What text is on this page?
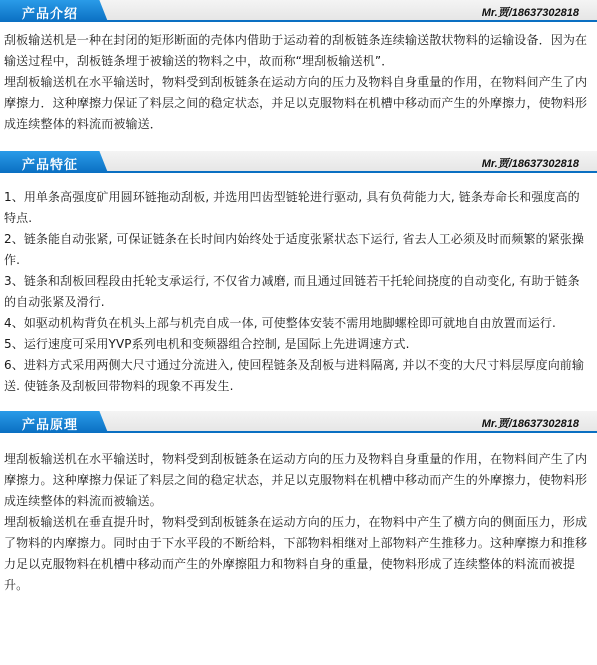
产品介绍	Mr.贾/18637302818

刮板输送机是一种在封闭的矩形断面的壳体内借助于运动着的刮板链条连续输送散状物料的运输设备．因为在输送过程中，刮板链条埋于被输送的物料之中，故而称“埋刮板输送机”．

埋刮板输送机在水平输送时，物料受到刮板链条在运动方向的压力及物料自身重量的作用，在物料间产生了内摩擦力．这种摩擦力保证了料层之间的稳定状态，并足以克服物料在机槽中移动而产生的外摩擦力，使物料形成连续整体的料流而被输送．

产品特征	Mr.贾/18637302818

1、用单条高强度矿用圆环链拖动刮板, 并选用凹齿型链轮进行驱动, 具有负荷能力大, 链条寿命长和强度高的特点.

2、链条能自动张紧, 可保证链条在长时间内始终处于适度张紧状态下运行, 省去人工必须及时而频繁的紧张操作.

3、链条和刮板回程段由托轮支承运行, 不仅省力减磨, 而且通过回链若干托轮间挠度的自动变化, 有助于链条的自动张紧及滑行.

4、如驱动机构背负在机头上部与机壳自成一体, 可使整体安装不需用地脚螺栓即可就地自由放置而运行.

5、运行速度可采用YVP系列电机和变频器组合控制, 是国际上先进调速方式.

6、进料方式采用两侧大尺寸通过分流进入, 使回程链条及刮板与进料隔离, 并以不变的大尺寸料层厚度向前输送. 使链条及刮板回带物料的现象不再发生.

产品原理	Mr.贾/18637302818

埋刮板输送机在水平输送时，物料受到刮板链条在运动方向的压力及物料自身重量的作用，在物料间产生了内摩擦力。这种摩擦力保证了料层之间的稳定状态，并足以克服物料在机槽中移动而产生的外摩擦力，使物料形成连续整体的料流而被输送。

埋刮板输送机在垂直提升时，物料受到刮板链条在运动方向的压力，在物料中产生了横方向的侧面压力，形成了物料的内摩擦力。同时由于下水平段的不断给料，下部物料相继对上部物料产生推移力。这种摩擦力和推移力足以克服物料在机槽中移动而产生的外摩擦阻力和物料自身的重量，使物料形成了连续整体的料流而被提升。
